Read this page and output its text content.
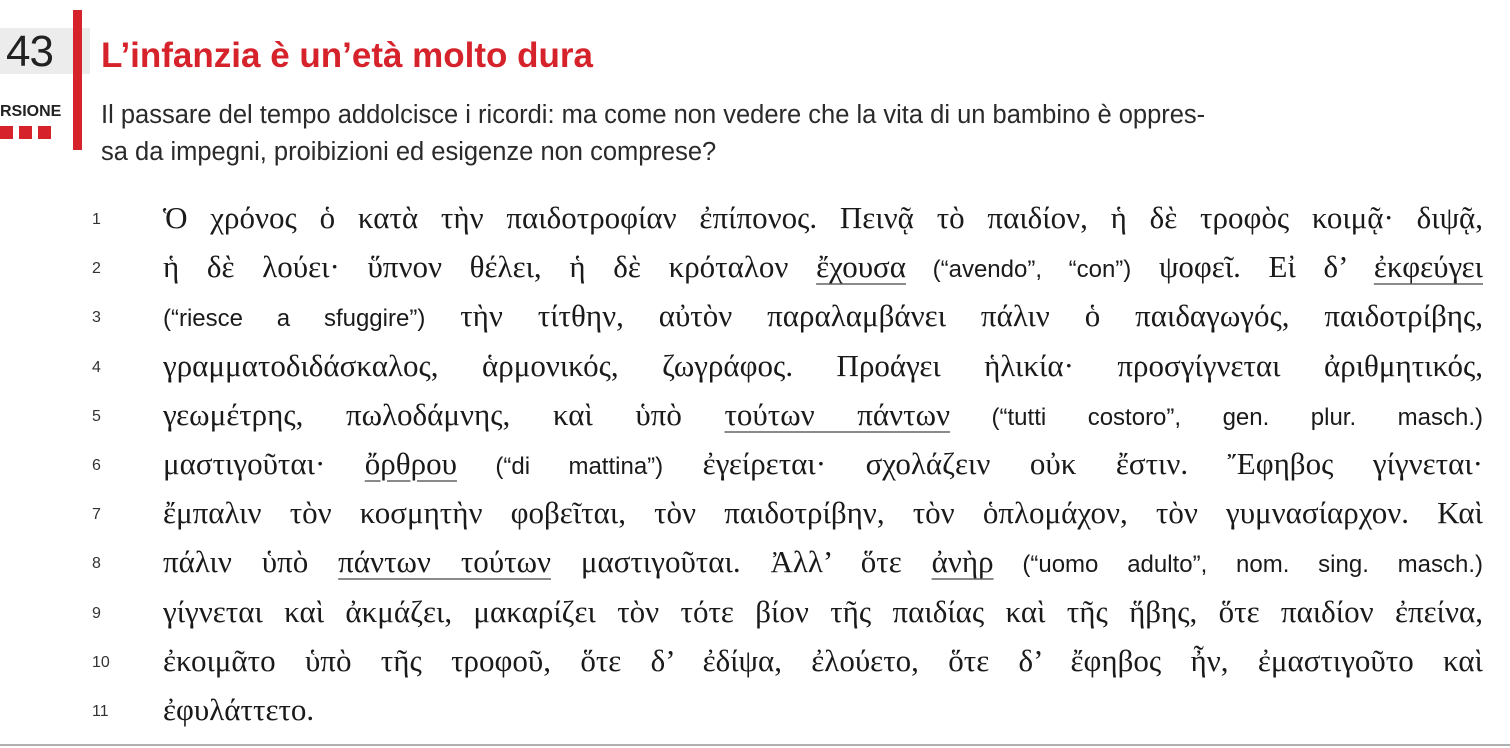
43
RSIONE
L’infanzia è un’età molto dura
Il passare del tempo addolcisce i ricordi: ma come non vedere che la vita di un bambino è oppres-
sa da impegni, proibizioni ed esigenze non comprese?
1	Ὁ χρόνος ὁ κατὰ τὴν παιδοτροφίαν ἐπίπονος. Πεινᾷ τὸ παιδίον, ἡ δὲ τροφὸς κοιμᾷ· διψᾷ,
2	ἡ δὲ λούει· ὕπνον θέλει, ἡ δὲ κρόταλον ἔχουσα (“avendo”, “con”) ψοφεῖ. Εἰ δ’ ἐκφεύγει
3	(“riesce a sfuggire”) τὴν τίτθην, αὐτὸν παραλαμβάνει πάλιν ὁ παιδαγωγός, παιδοτρίβης,
4	γραμματοδιδάσκαλος, ἁρμονικός, ζωγράφος. Προάγει ἡλικία· προσγίγνεται ἀριθμητικός,
5	γεωμέτρης, πωλοδάμνης, καὶ ὑπὸ τούτων πάντων (“tutti costoro”, gen. plur. masch.)
6	μαστιγοῦται· ὄρθρου (“di mattina”) ἐγείρεται· σχολάζειν οὐκ ἔστιν. Ἔφηβος γίγνεται·
7	ἔμπαλιν τὸν κοσμητὴν φοβεῖται, τὸν παιδοτρίβην, τὸν ὁπλομάχον, τὸν γυμνασίαρχον. Καὶ
8	πάλιν ὑπὸ πάντων τούτων μαστιγοῦται. Ἀλλ’ ὅτε ἀνὴρ (“uomo adulto”, nom. sing. masch.)
9	γίγνεται καὶ ἀκμάζει, μακαρίζει τὸν τότε βίον τῆς παιδίας καὶ τῆς ἥβης, ὅτε παιδίον ἐπείνα,
10	ἐκοιμᾶτο ὑπὸ τῆς τροφοῦ, ὅτε δ’ ἐδίψα, ἐλούετο, ὅτε δ’ ἔφηβος ἦν, ἐμαστιγοῦτο καὶ
11	ἐφυλάττετο.
